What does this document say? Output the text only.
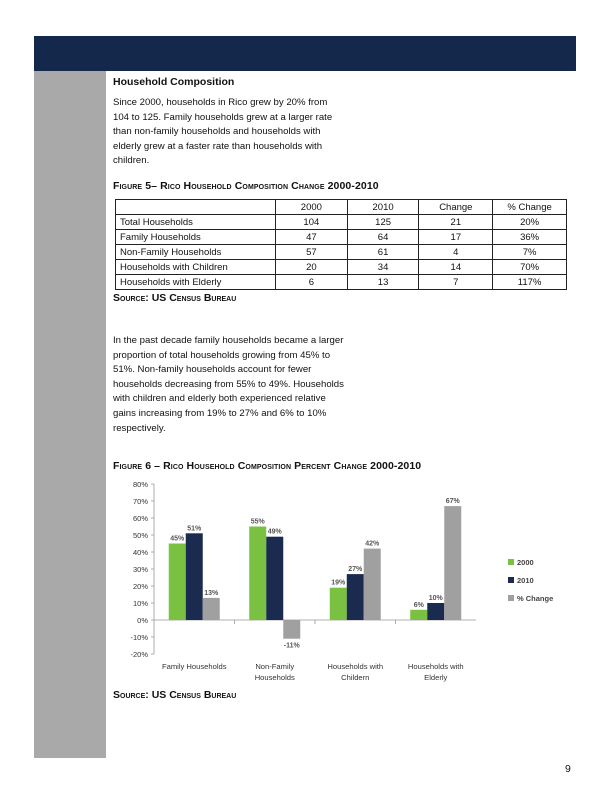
Household Composition
Since 2000, households in Rico grew by 20% from 104 to 125. Family households grew at a larger rate than non-family households and households with elderly grew at a faster rate than households with children.
Figure 5– Rico Household Composition Change 2000-2010
	2000	2010	Change	% Change
Total Households	104	125	21	20%
Family Households	47	64	17	36%
Non-Family Households	57	61	4	7%
Households with Children	20	34	14	70%
Households with Elderly	6	13	7	117%
Source: US Census Bureau
In the past decade family households became a larger proportion of total households growing from 45% to 51%. Non-family households account for fewer households decreasing from 55% to 49%. Households with children and elderly both experienced relative gains increasing from 19% to 27% and 6% to 10% respectively.
Figure 6 – Rico Household Composition Percent Change 2000-2010
80%
70%
60%
50%
40%
30%
20%
10%
0%
-10%
-20%
45%
51%
13%
Family Households
55%
49%
-11%
Non-Family
Households
19%
27%
42%
Households with
Childern
6%
10%
67%
Households with
Elderly
2000
2010
% Change
Source: US Census Bureau
9
